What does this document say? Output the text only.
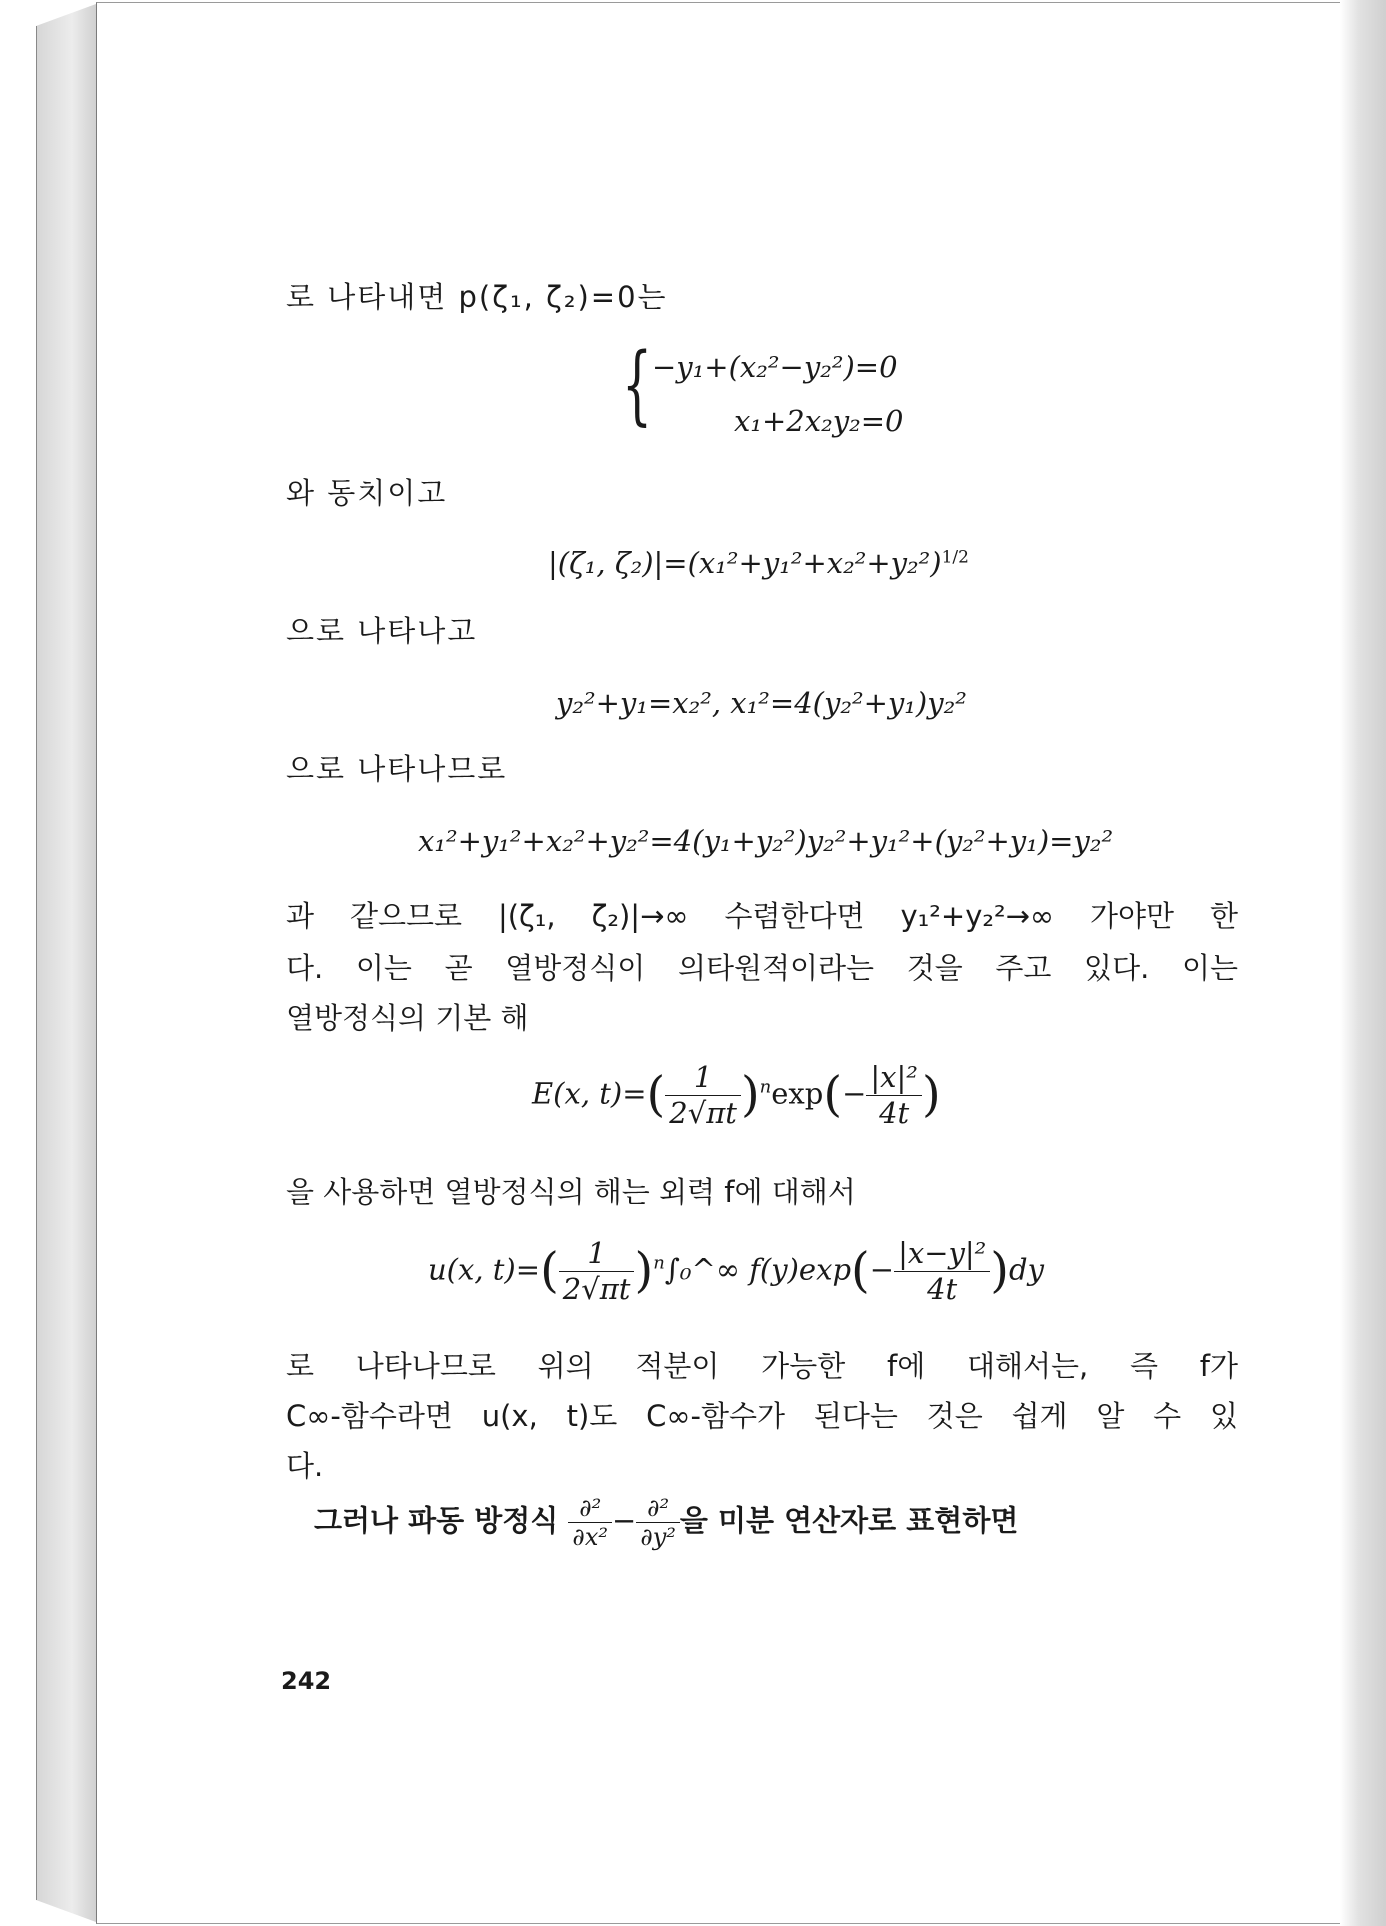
로 나타내면 p(ζ₁, ζ₂)=0는
{ −y₁+(x₂²−y₂²)=0
x₁+2x₂y₂=0
와 동치이고
|(ζ₁, $\zeta_2)|=(x_1^2+y_1^2+x_2^2+y_2^2)^{1/2}$
으로 나타나고
y₂²+y₁=x₂², x₁²=4(y₂²+y₁)y₂²
으로 나타나므로
x₁²+y₁²+x₂²+y₂²=4(y₁+y₂²)y₂²+y₁²+(y₂²+y₁)=y₂²
과 같으므로 |(ζ₁, ζ₂)|→∞ 수렴한다면 y₁²+y₂²→∞ 가야만 한
다. 이는 곧 열방정식이 의타원적이라는 것을 주고 있다. 이는
열방정식의 기본 해
E(x, $t)=( \frac{1}{2√\pi t} )^n\exp(- \frac{\text{|x|²}}{4t}$ )
을 사용하면 열방정식의 해는 외력 f에 대해서
u(x, $t)=( \frac{1}{2√\pi t}$ )$^n\int_0\^{}\infty$ $f(y)\exp(- \frac{\text{|x−y|²}}{4t} )dy$
로 나타나므로 위의 적분이 가능한 f에 대해서는, 즉 f가
C∞-함수라면 u(x, t)도 C∞-함수가 된다는 것은 쉽게 알 수 있
다.
그러나 파동 방정식 $\frac{\text{∂²}}{\text{∂x²}} - \frac{\text{∂²}}{\text{∂y²}}$ 을 미분 연산자로 표현하면
242
